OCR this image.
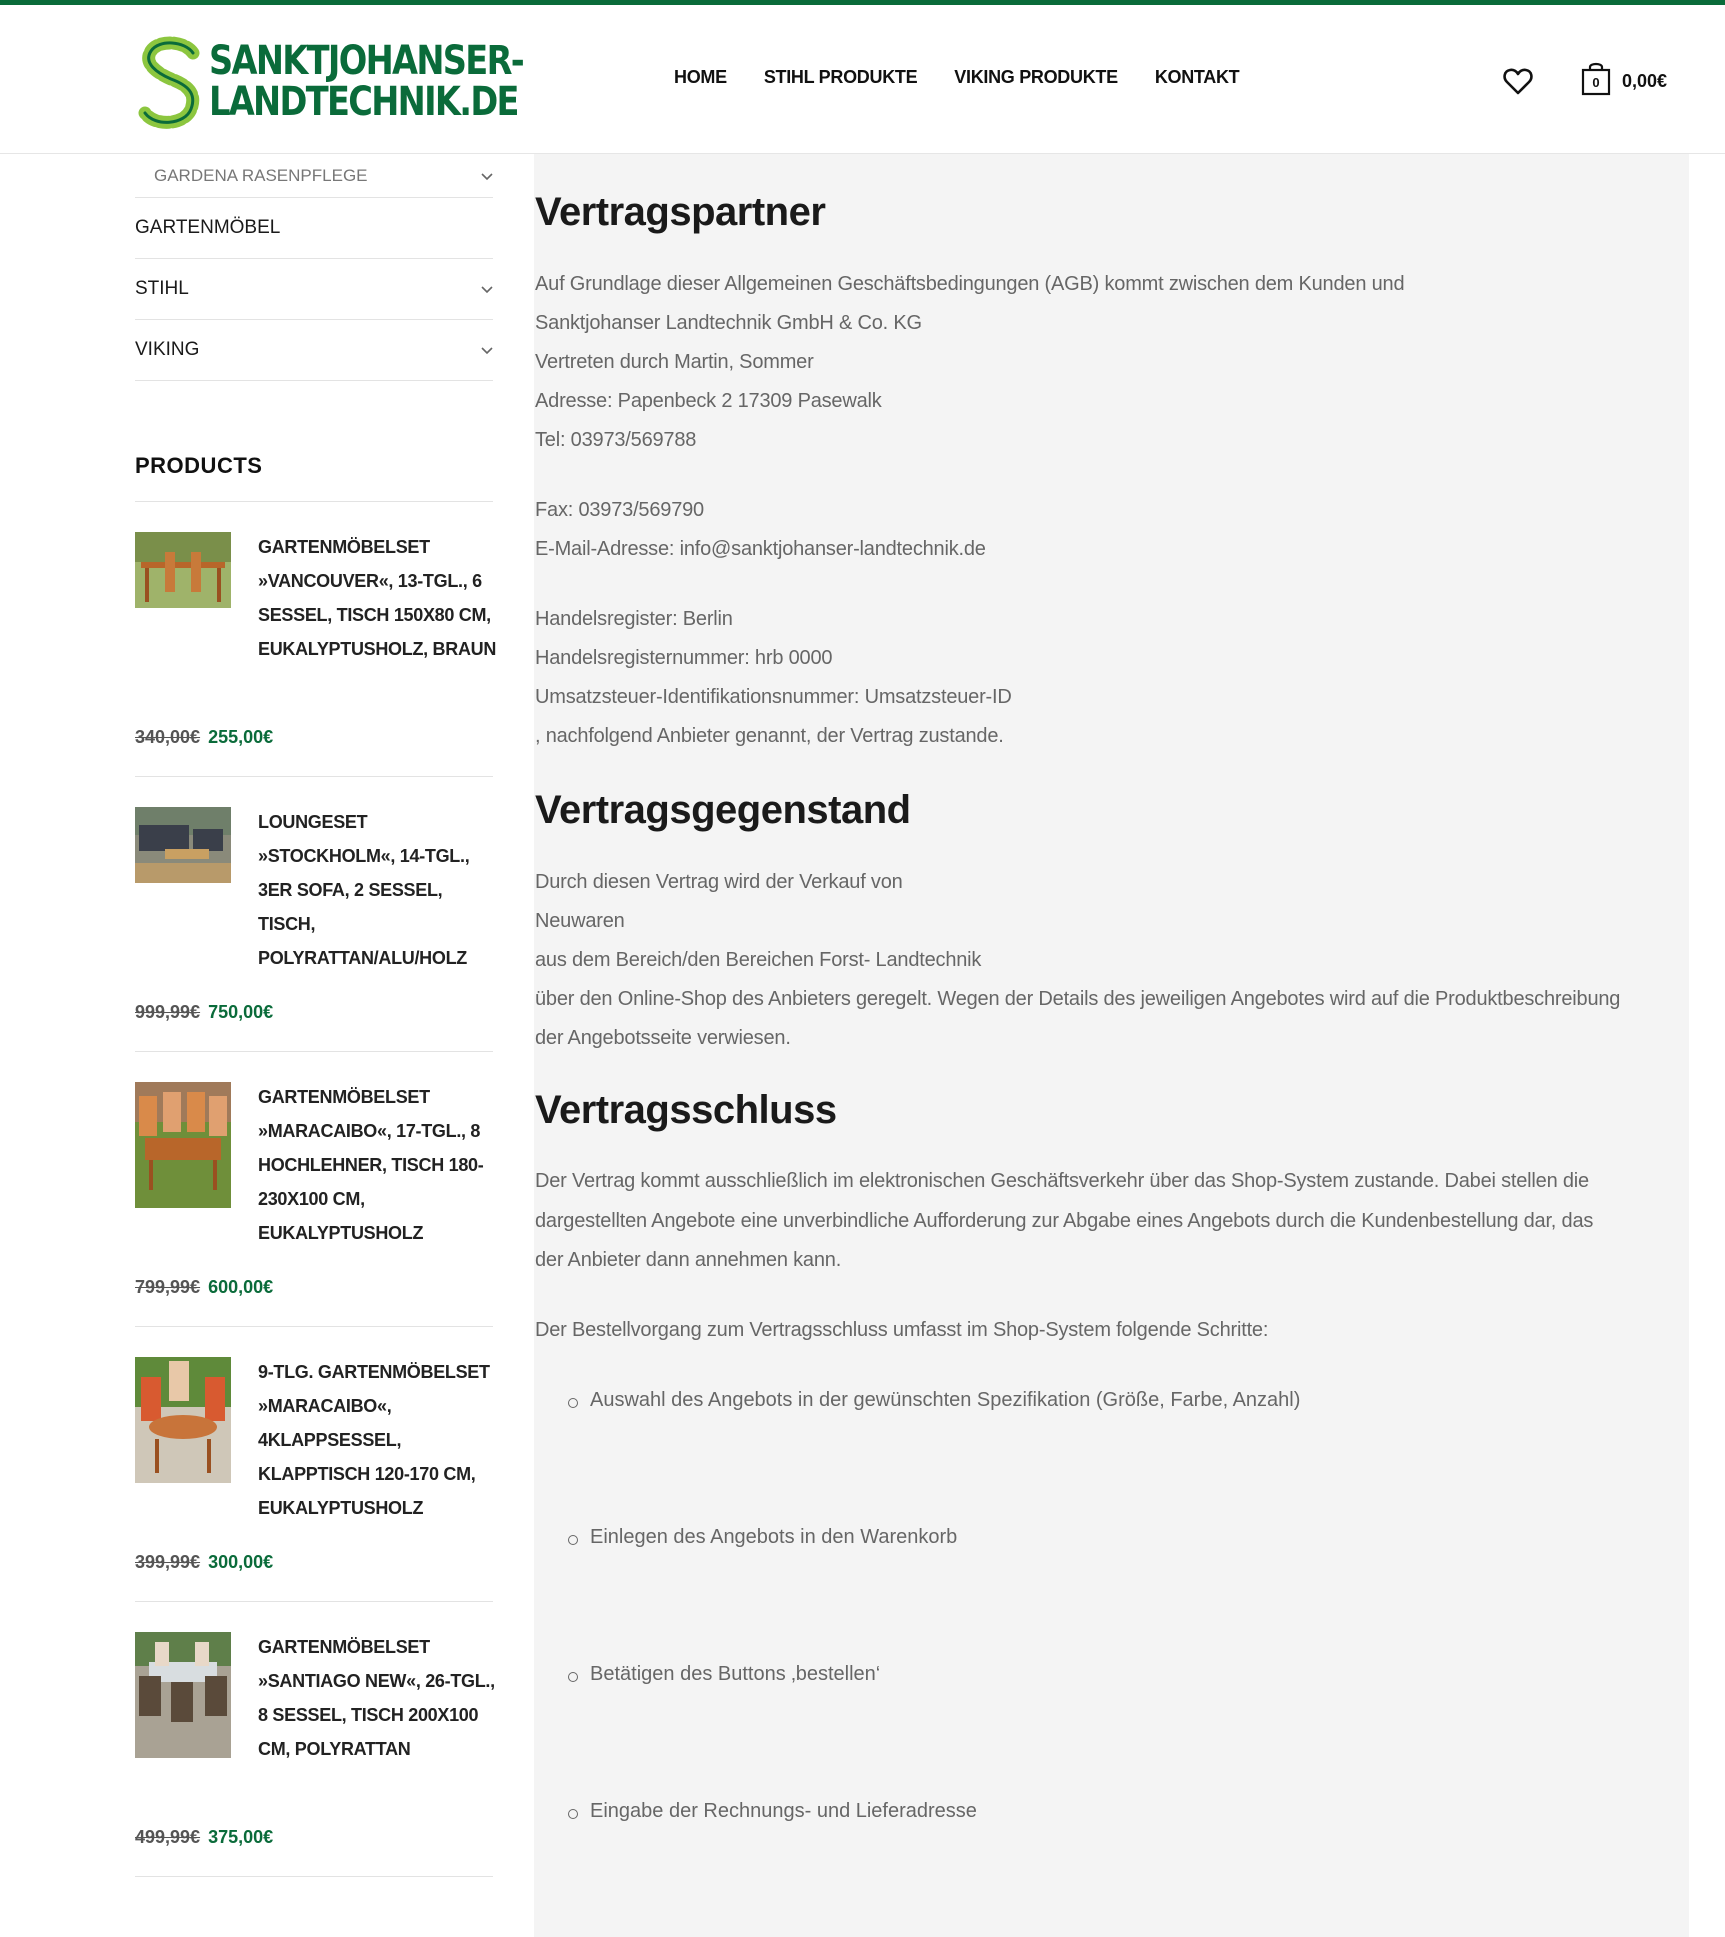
SANKTJOHANSER-
LANDTECHNIK.DE
HOME STIHL PRODUKTE VIKING PRODUKTE KONTAKT	0 0,00€
GARDENA RASENPFLEGE
GARTENMÖBEL
STIHL
VIKING
PRODUCTS
GARTENMÖBELSET »VANCOUVER«, 13-TGL., 6 SESSEL, TISCH 150X80 CM, EUKALYPTUSHOLZ, BRAUN
340,00€ 255,00€
LOUNGESET »STOCKHOLM«, 14-TGL., 3ER SOFA, 2 SESSEL, TISCH, POLYRATTAN/ALU/HOLZ
999,99€ 750,00€
GARTENMÖBELSET »MARACAIBO«, 17-TGL., 8 HOCHLEHNER, TISCH 180-230X100 CM, EUKALYPTUSHOLZ
799,99€ 600,00€
9-TLG. GARTENMÖBELSET »MARACAIBO«, 4KLAPPSESSEL, KLAPPTISCH 120-170 CM, EUKALYPTUSHOLZ
399,99€ 300,00€
GARTENMÖBELSET »SANTIAGO NEW«, 26-TGL., 8 SESSEL, TISCH 200X100 CM, POLYRATTAN
499,99€ 375,00€
Vertragspartner
Auf Grundlage dieser Allgemeinen Geschäftsbedingungen (AGB) kommt zwischen dem Kunden und
Sanktjohanser Landtechnik GmbH & Co. KG
Vertreten durch Martin, Sommer
Adresse: Papenbeck 2 17309 Pasewalk
Tel: 03973/569788
Fax: 03973/569790
E-Mail-Adresse: info@sanktjohanser-landtechnik.de
Handelsregister: Berlin
Handelsregisternummer: hrb 0000
Umsatzsteuer-Identifikationsnummer: Umsatzsteuer-ID
, nachfolgend Anbieter genannt, der Vertrag zustande.
Vertragsgegenstand
Durch diesen Vertrag wird der Verkauf von
Neuwaren
aus dem Bereich/den Bereichen Forst- Landtechnik
über den Online-Shop des Anbieters geregelt. Wegen der Details des jeweiligen Angebotes wird auf die Produktbeschreibung
der Angebotsseite verwiesen.
Vertragsschluss
Der Vertrag kommt ausschließlich im elektronischen Geschäftsverkehr über das Shop-System zustande. Dabei stellen die
dargestellten Angebote eine unverbindliche Aufforderung zur Abgabe eines Angebots durch die Kundenbestellung dar, das
der Anbieter dann annehmen kann.
Der Bestellvorgang zum Vertragsschluss umfasst im Shop-System folgende Schritte:
Auswahl des Angebots in der gewünschten Spezifikation (Größe, Farbe, Anzahl)
Einlegen des Angebots in den Warenkorb
Betätigen des Buttons ‚bestellen‘
Eingabe der Rechnungs- und Lieferadresse
